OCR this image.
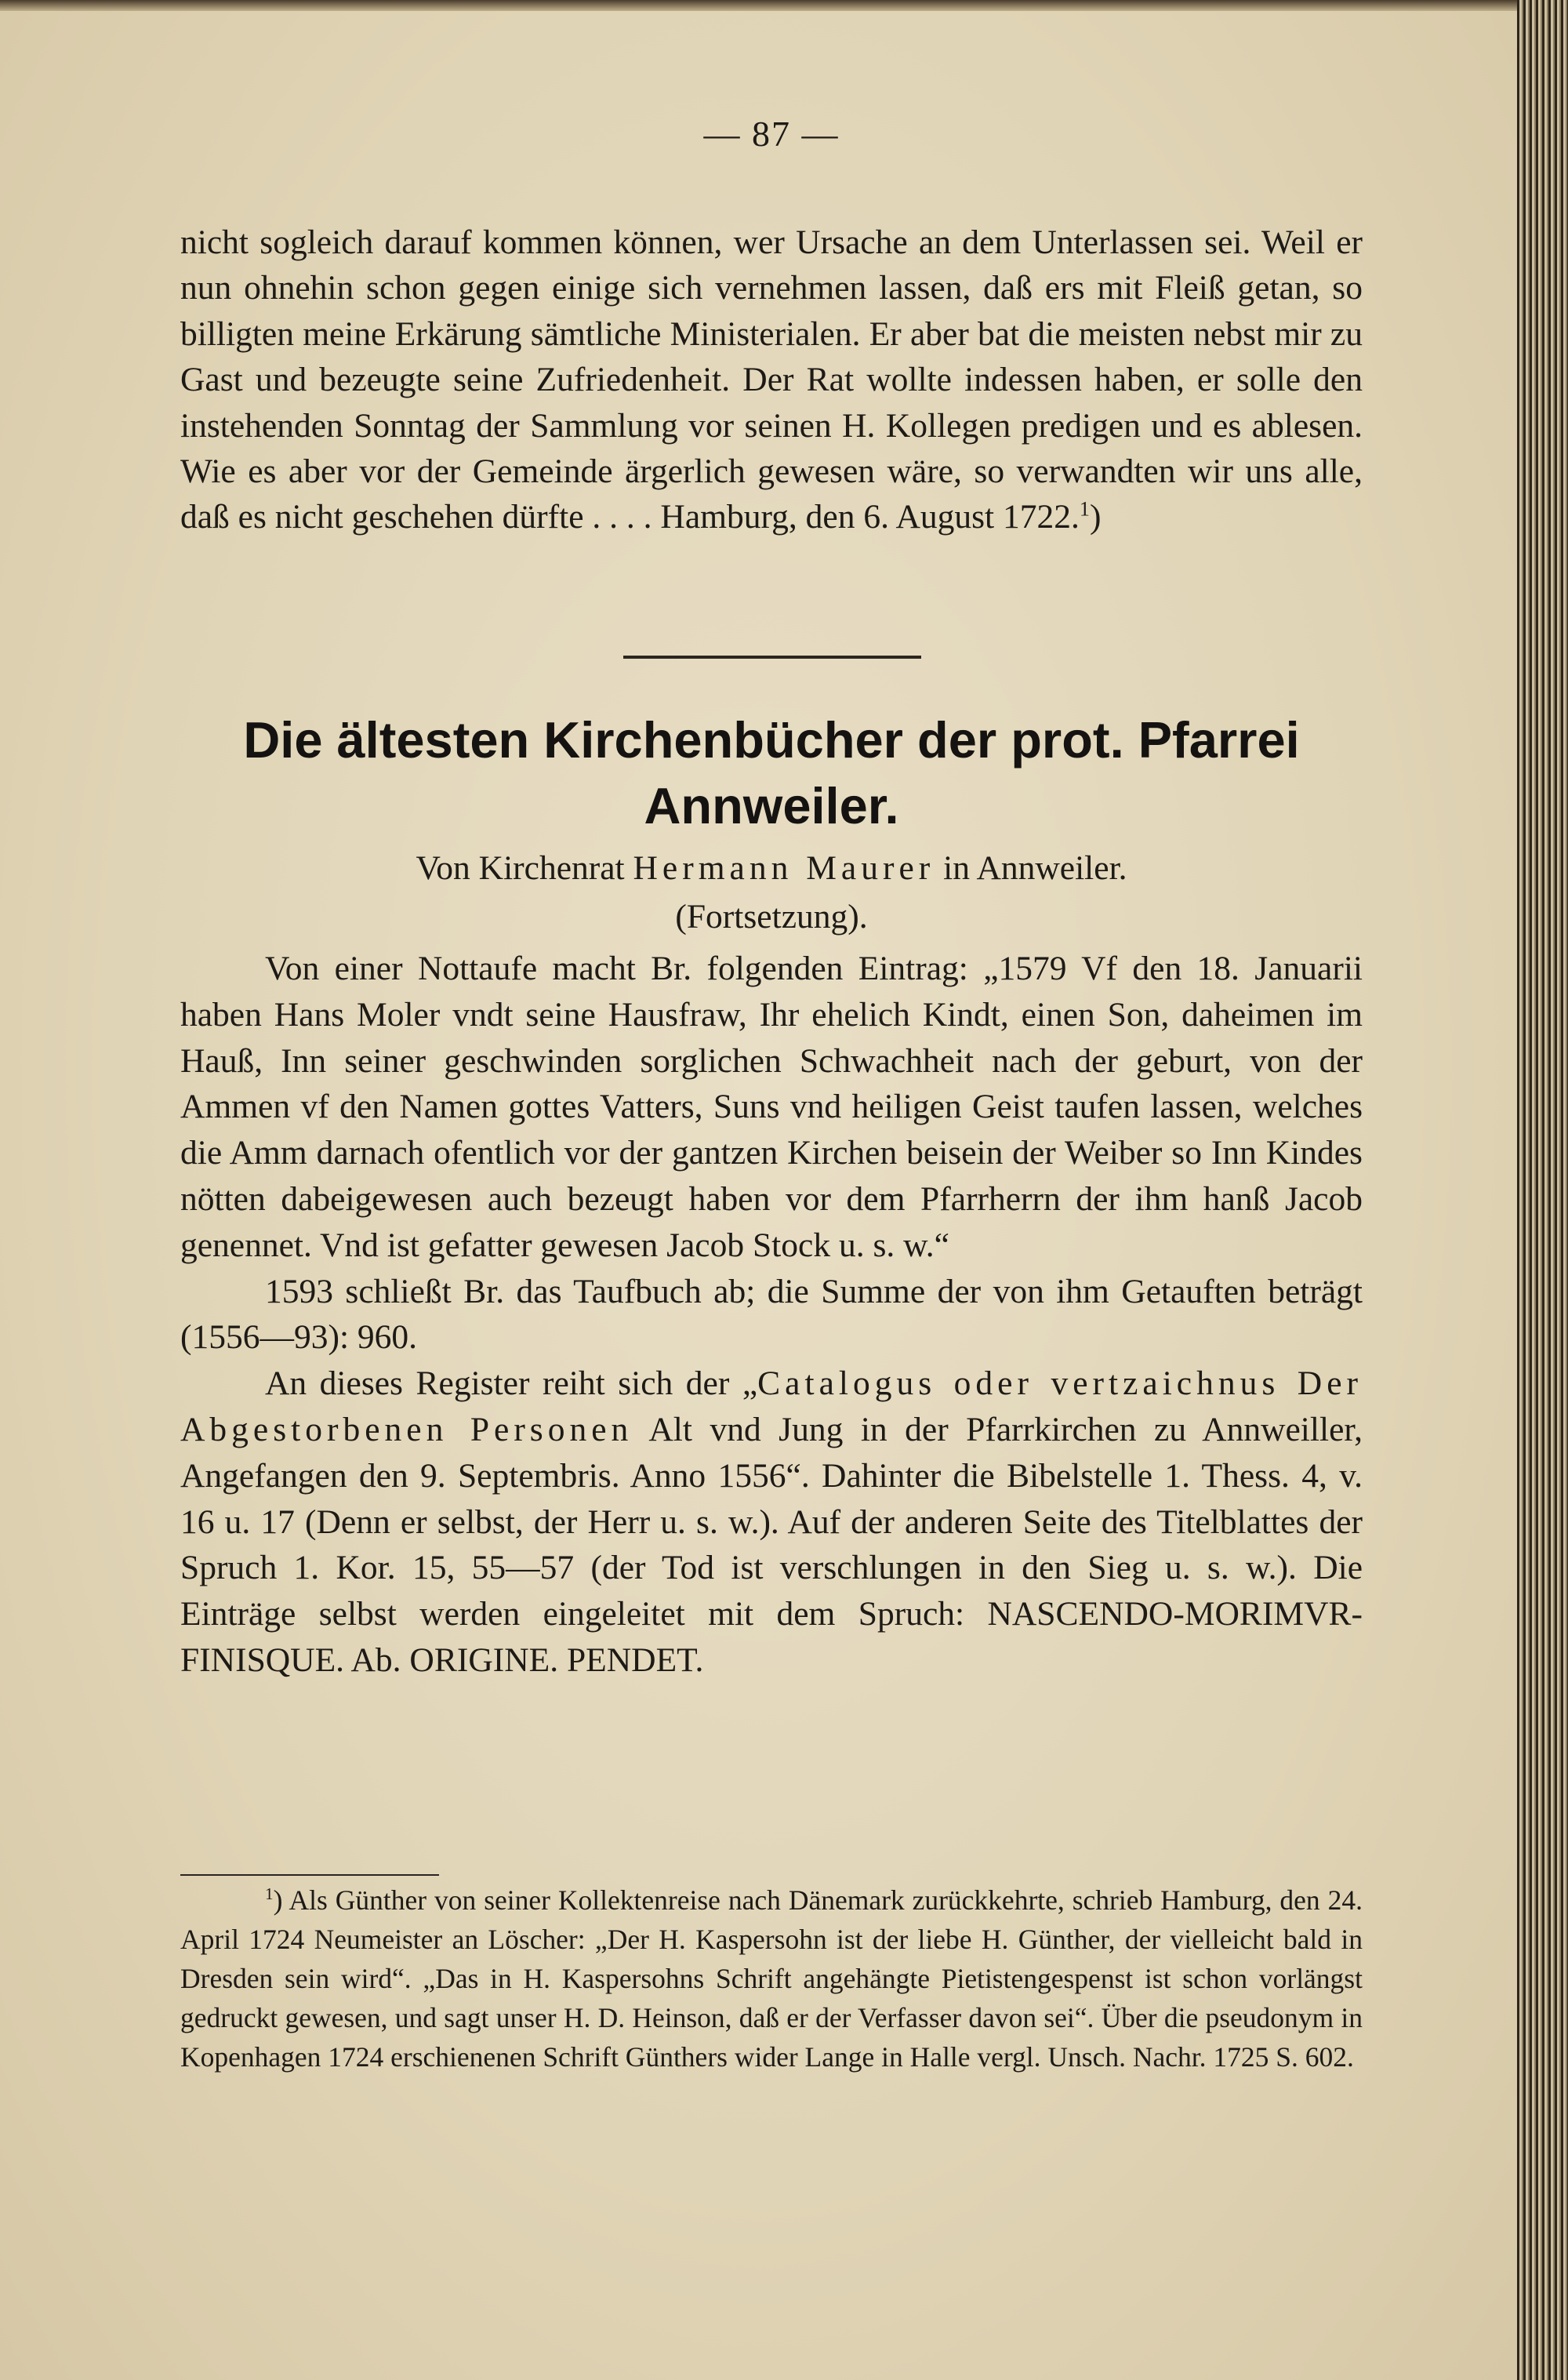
— 87 —

nicht sogleich darauf kommen können, wer Ursache an dem Unterlassen sei. Weil er nun ohnehin schon gegen einige sich vernehmen lassen, daß ers mit Fleiß getan, so billigten meine Erkärung sämtliche Ministerialen. Er aber bat die meisten nebst mir zu Gast und bezeugte seine Zufriedenheit. Der Rat wollte indessen haben, er solle den instehenden Sonntag der Sammlung vor seinen H. Kollegen predigen und es ablesen. Wie es aber vor der Gemeinde ärgerlich gewesen wäre, so verwandten wir uns alle, daß es nicht geschehen dürfte . . . . Hamburg, den 6. August 1722.$^1$)

Die ältesten Kirchenbücher der prot. Pfarrei Annweiler.
Von Kirchenrat Hermann Maurer in Annweiler.
(Fortsetzung).

Von einer Nottaufe macht Br. folgenden Eintrag: „1579 Vf den 18. Januarii haben Hans Moler vndt seine Hausfraw, Ihr ehelich Kindt, einen Son, daheimen im Hauß, Inn seiner geschwinden sorglichen Schwachheit nach der geburt, von der Ammen vf den Namen gottes Vatters, Suns vnd heiligen Geist taufen lassen, welches die Amm darnach ofentlich vor der gantzen Kirchen beisein der Weiber so Inn Kindes nötten dabeigewesen auch bezeugt haben vor dem Pfarrherrn der ihm hanß Jacob genennet. Vnd ist gefatter gewesen Jacob Stock u. s. w.“

1593 schließt Br. das Taufbuch ab; die Summe der von ihm Getauften beträgt (1556—93): 960.

An dieses Register reiht sich der „Catalogus oder vertzaichnus Der Abgestorbenen Personen Alt vnd Jung in der Pfarrkirchen zu Annweiller, Angefangen den 9. Septembris. Anno 1556“. Dahinter die Bibelstelle 1. Thess. 4, v. 16 u. 17 (Denn er selbst, der Herr u. s. w.). Auf der anderen Seite des Titelblattes der Spruch 1. Kor. 15, 55—57 (der Tod ist verschlungen in den Sieg u. s. w.). Die Einträge selbst werden eingeleitet mit dem Spruch: NASCENDO-MORIMVR-FINISQUE. Ab. ORIGINE. PENDET.

$^1$) Als Günther von seiner Kollektenreise nach Dänemark zurückkehrte, schrieb Hamburg, den 24. April 1724 Neumeister an Löscher: „Der H. Kaspersohn ist der liebe H. Günther, der vielleicht bald in Dresden sein wird“. „Das in H. Kaspersohns Schrift angehängte Pietistengespenst ist schon vorlängst gedruckt gewesen, und sagt unser H. D. Heinson, daß er der Verfasser davon sei“. Über die pseudonym in Kopenhagen 1724 erschienenen Schrift Günthers wider Lange in Halle vergl. Unsch. Nachr. 1725 S. 602.
